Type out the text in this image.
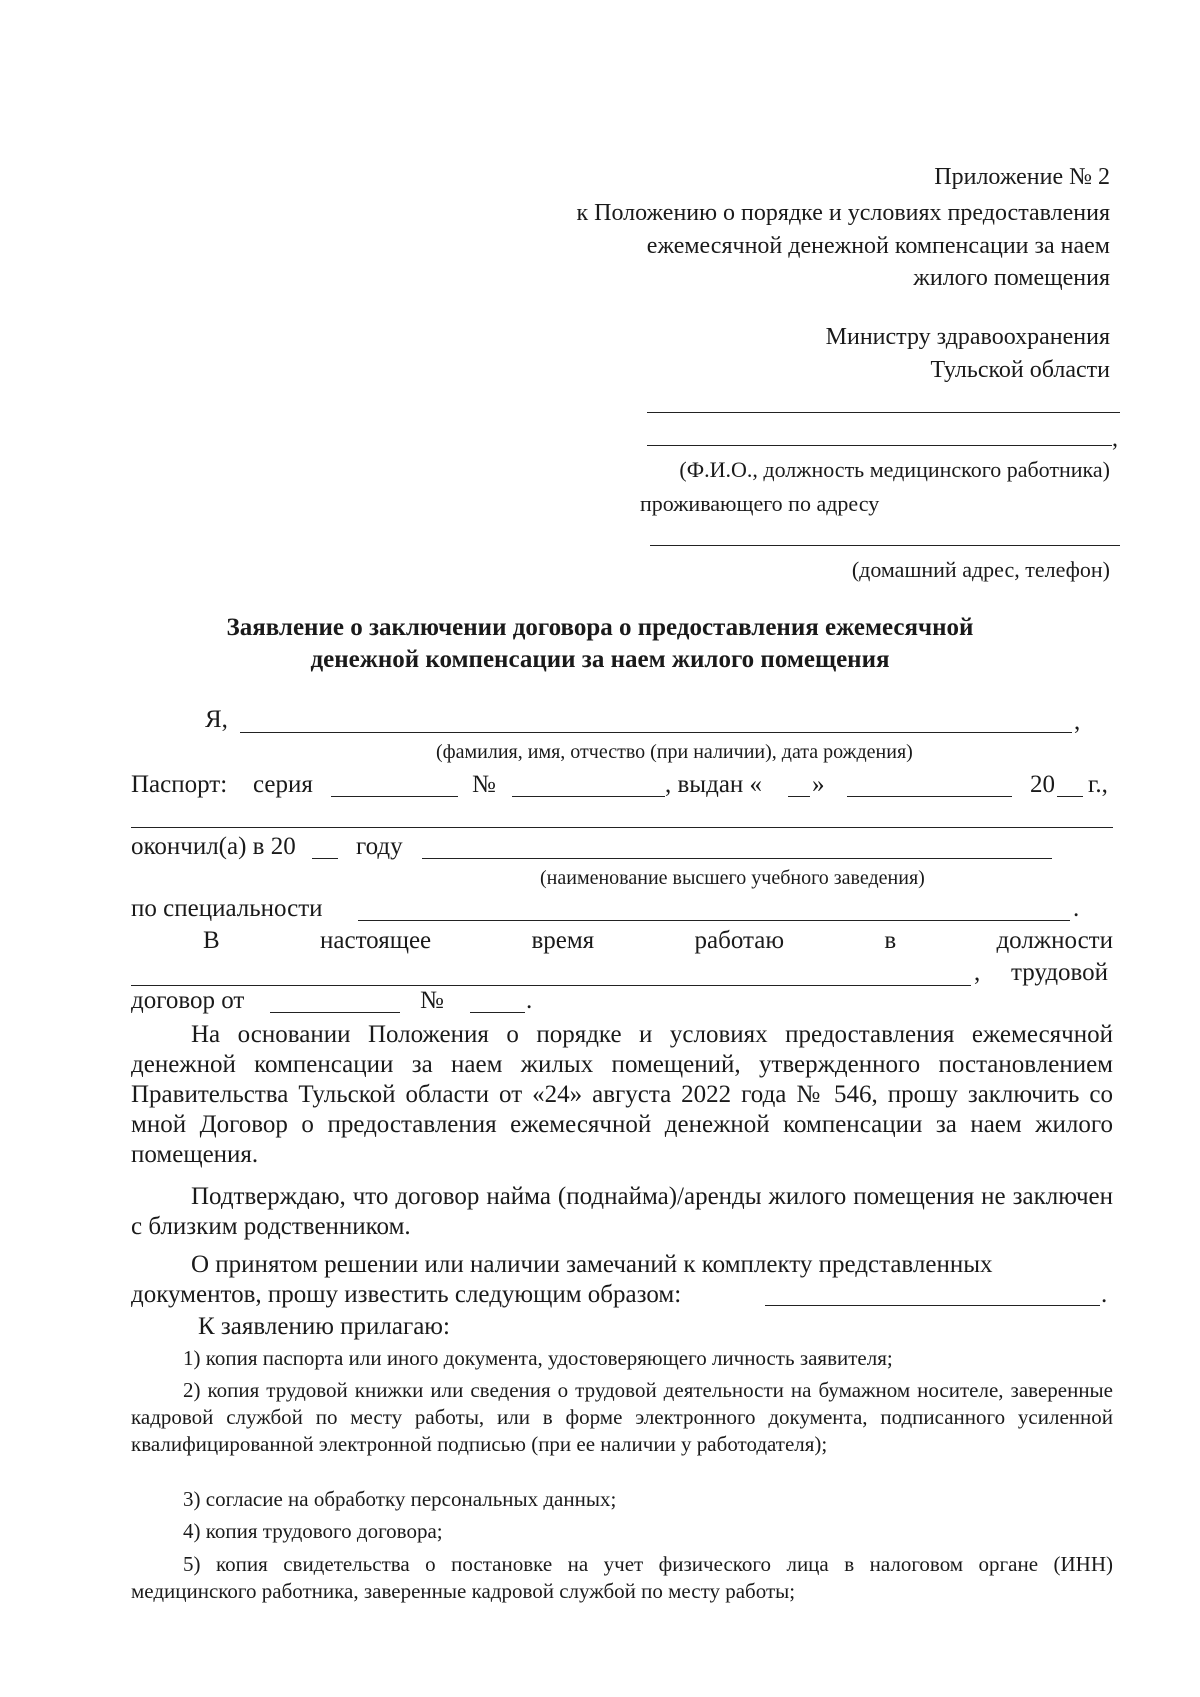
Приложение № 2
к Положению о порядке и условиях предоставления
ежемесячной денежной компенсации за наем
жилого помещения
Министру здравоохранения
Тульской области
,
(Ф.И.О., должность медицинского работника)
проживающего по адресу
(домашний адрес, телефон)
Заявление о заключении договора о предоставления ежемесячной
денежной компенсации за наем жилого помещения
Я,	,
(фамилия, имя, отчество (при наличии), дата рождения)
Паспорт: серия	№	, выдан « »	20 г.,
окончил(а) в 20 году
(наименование высшего учебного заведения)
по специальности	.
В	настоящее	время	работаю	в	должности
, трудовой
договор от	№	.
На основании Положения о порядке и условиях предоставления ежемесячной денежной компенсации за наем жилых помещений, утвержденного постановлением Правительства Тульской области от «24» августа 2022 года № 546, прошу заключить со мной Договор о предоставления ежемесячной денежной компенсации за наем жилого помещения.
Подтверждаю, что договор найма (поднайма)/аренды жилого помещения не заключен с близким родственником.
О принятом решении или наличии замечаний к комплекту представленных документов, прошу известить следующим образом:	.
К заявлению прилагаю:
1) копия паспорта или иного документа, удостоверяющего личность заявителя;
2) копия трудовой книжки или сведения о трудовой деятельности на бумажном носителе, заверенные кадровой службой по месту работы, или в форме электронного документа, подписанного усиленной квалифицированной электронной подписью (при ее наличии у работодателя);
3) согласие на обработку персональных данных;
4) копия трудового договора;
5) копия свидетельства о постановке на учет физического лица в налоговом органе (ИНН) медицинского работника, заверенные кадровой службой по месту работы;
